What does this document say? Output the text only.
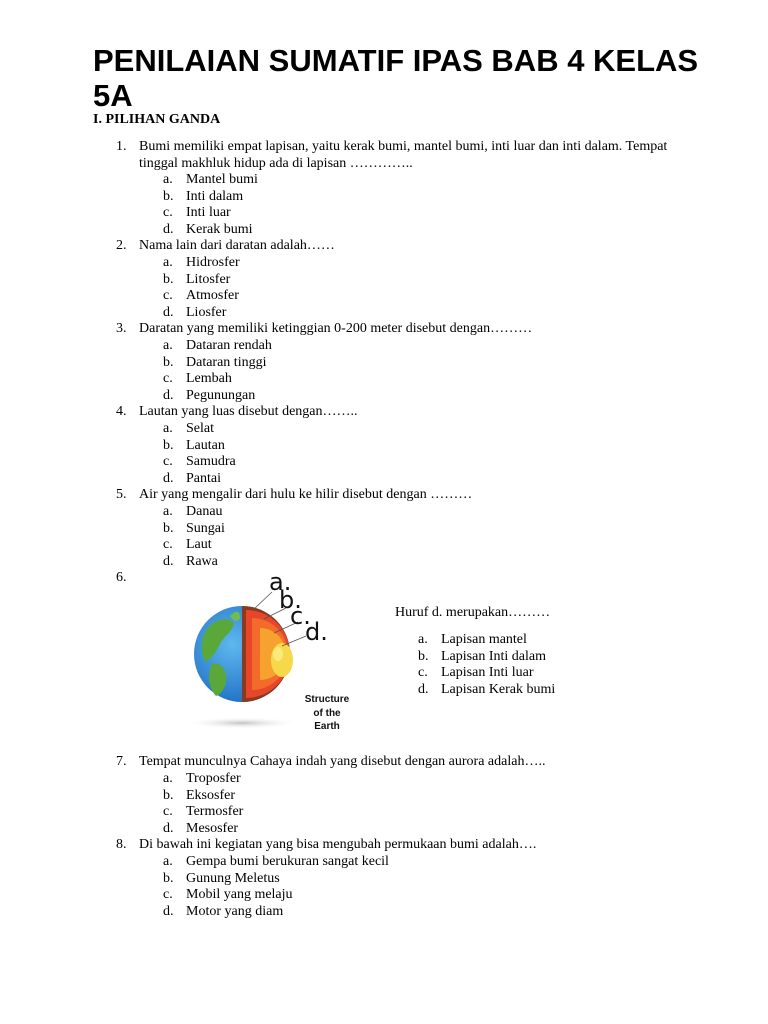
PENILAIAN SUMATIF IPAS BAB 4 KELAS 5A

I. PILIHAN GANDA

1. Bumi memiliki empat lapisan, yaitu kerak bumi, mantel bumi, inti luar dan inti dalam. Tempat tinggal makhluk hidup ada di lapisan …………..
a. Mantel bumi
b. Inti dalam
c. Inti luar
d. Kerak bumi
2. Nama lain dari daratan adalah……
a. Hidrosfer
b. Litosfer
c. Atmosfer
d. Liosfer
3. Daratan yang memiliki ketinggian 0-200 meter disebut dengan………
a. Dataran rendah
b. Dataran tinggi
c. Lembah
d. Pegunungan
4. Lautan yang luas disebut dengan……..
a. Selat
b. Lautan
c. Samudra
d. Pantai
5. Air yang mengalir dari hulu ke hilir disebut dengan ………
a. Danau
b. Sungai
c. Laut
d. Rawa
6.	a.
b.
c.
d.
Structure
of the
Earth
Huruf d. merupakan………
a. Lapisan mantel
b. Lapisan Inti dalam
c. Lapisan Inti luar
d. Lapisan Kerak bumi
7. Tempat munculnya Cahaya indah yang disebut dengan aurora adalah…..
a. Troposfer
b. Eksosfer
c. Termosfer
d. Mesosfer
8. Di bawah ini kegiatan yang bisa mengubah permukaan bumi adalah….
a. Gempa bumi berukuran sangat kecil
b. Gunung Meletus
c. Mobil yang melaju
d. Motor yang diam
